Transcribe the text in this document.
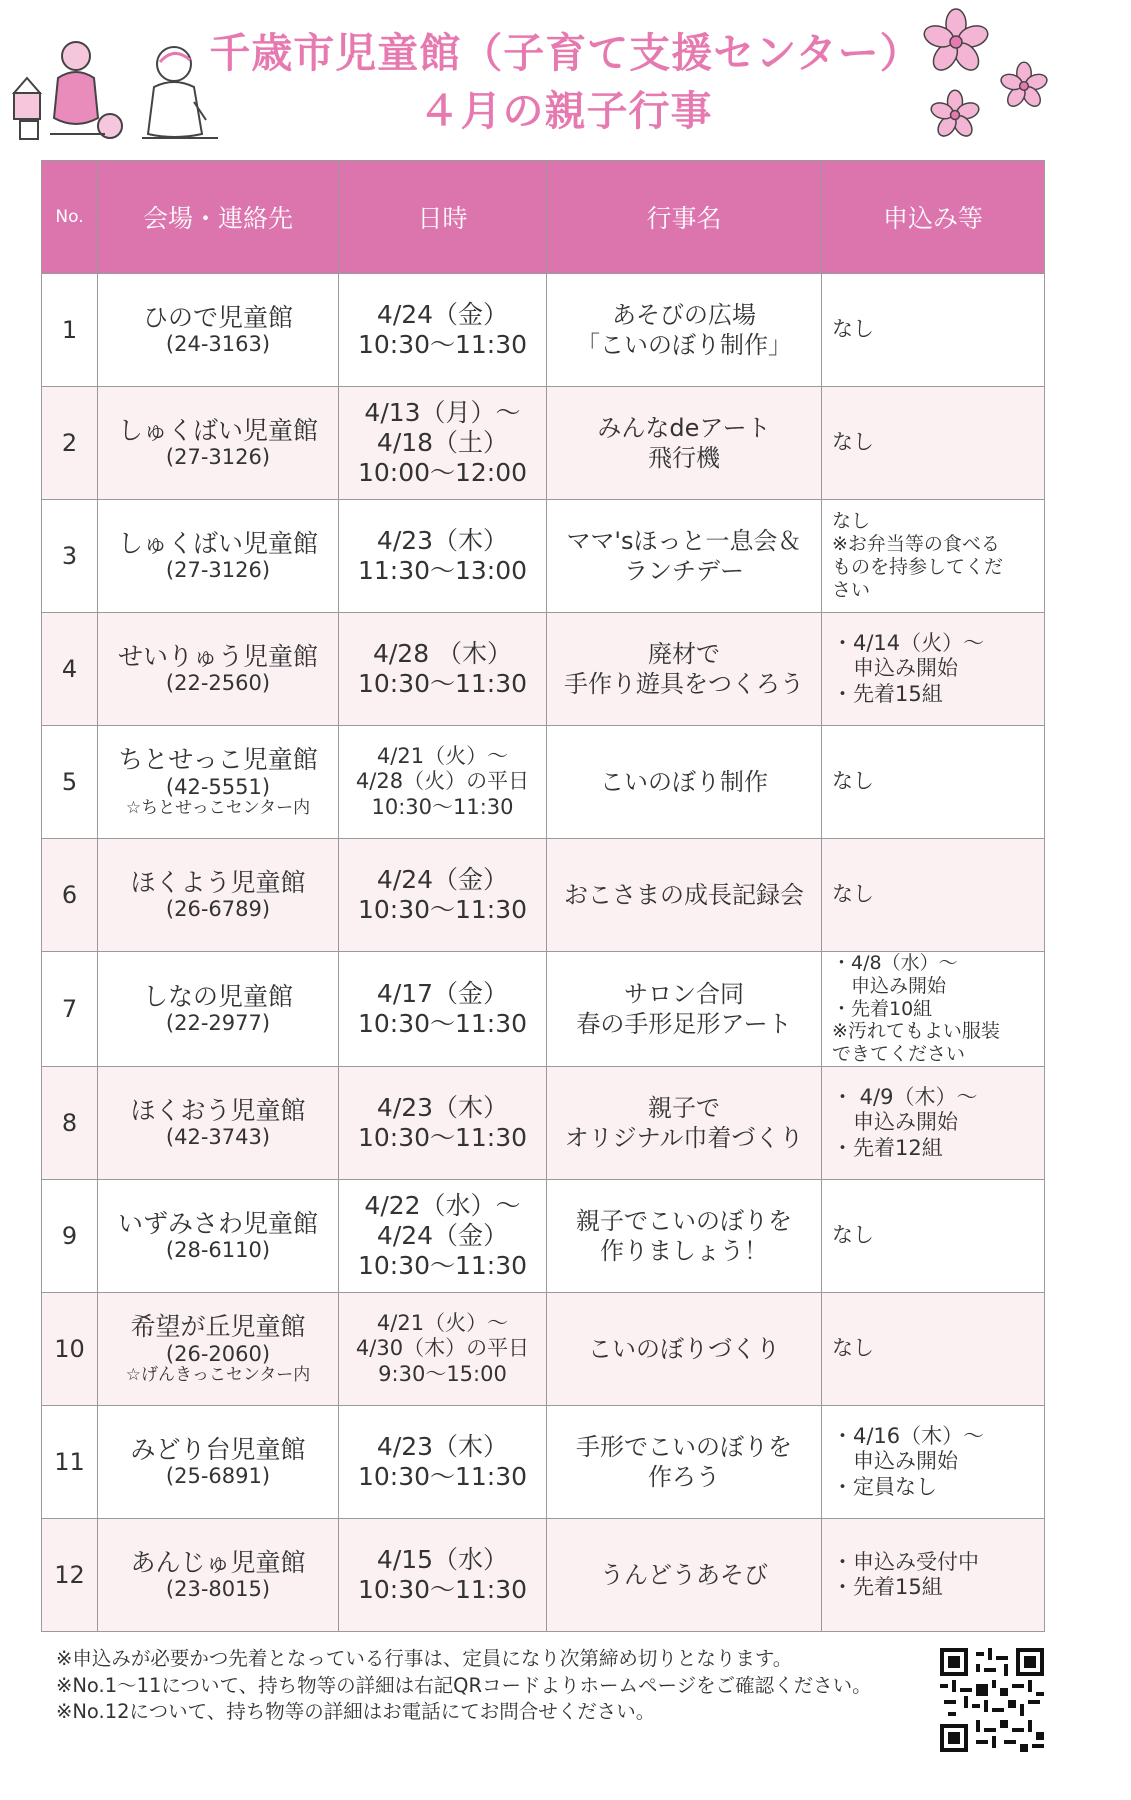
千歳市児童館（子育て支援センター）
４月の親子行事
No.	会場・連絡先	日時	行事名	申込み等
1	ひので児童館
(24-3163)	4/24（金）
10:30〜11:30	あそびの広場
「こいのぼり制作」	なし

2	しゅくばい児童館
(27-3126)	4/13（月）〜
4/18（土）
10:00〜12:00	みんなdeアート
飛行機	なし

3	しゅくばい児童館
(27-3126)	4/23（木）
11:30〜13:00	ママ'sほっと一息会＆
ランチデー	なし
※お弁当等の食べる
ものを持参してくだ
さい

4	せいりゅう児童館
(22-2560)	4/28 （木）
10:30〜11:30	廃材で
手作り遊具をつくろう	・4/14（火）〜
　申込み開始
・先着15組

5	ちとせっこ児童館
(42-5551)
☆ちとせっこセンター内	4/21（火）〜
4/28（火）の平日
10:30〜11:30	こいのぼり制作	なし

6	ほくよう児童館
(26-6789)	4/24（金）
10:30〜11:30	おこさまの成長記録会	なし

7	しなの児童館
(22-2977)	4/17（金）
10:30〜11:30	サロン合同
春の手形足形アート	・4/8（水）〜
　申込み開始
・先着10組
※汚れてもよい服装
できてください

8	ほくおう児童館
(42-3743)	4/23（木）
10:30〜11:30	親子で
オリジナル巾着づくり	・ 4/9（木）〜
　申込み開始
・先着12組

9	いずみさわ児童館
(28-6110)	4/22（水）〜
4/24（金）
10:30〜11:30	親子でこいのぼりを
作りましょう！	なし

10	希望が丘児童館
(26-2060)
☆げんきっこセンター内	4/21（火）〜
4/30（木）の平日
9:30〜15:00	こいのぼりづくり	なし

11	みどり台児童館
(25-6891)	4/23（木）
10:30〜11:30	手形でこいのぼりを
作ろう	・4/16（木）〜
　申込み開始
・定員なし

12	あんじゅ児童館
(23-8015)	4/15（水）
10:30〜11:30	うんどうあそび	・申込み受付中
・先着15組
※申込みが必要かつ先着となっている行事は、定員になり次第締め切りとなります。
※No.1〜11について、持ち物等の詳細は右記QRコードよりホームページをご確認ください。
※No.12について、持ち物等の詳細はお電話にてお問合せください。
